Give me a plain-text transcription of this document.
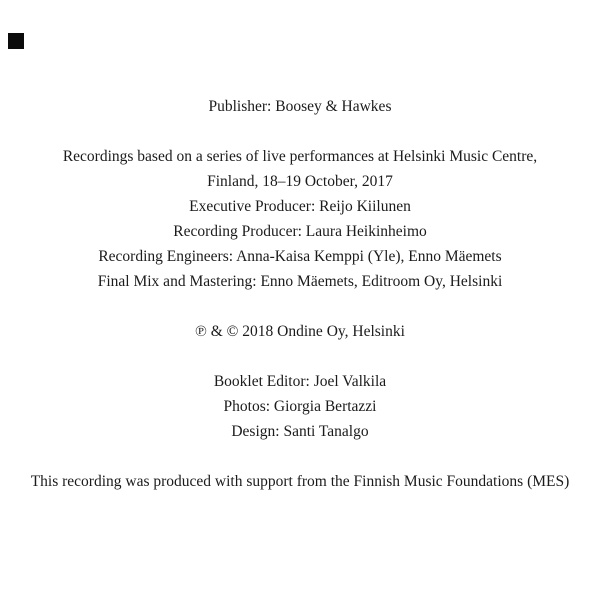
Publisher: Boosey & Hawkes

Recordings based on a series of live performances at Helsinki Music Centre,

Finland, 18–19 October, 2017

Executive Producer: Reijo Kiilunen

Recording Producer: Laura Heikinheimo

Recording Engineers: Anna-Kaisa Kemppi (Yle), Enno Mäemets

Final Mix and Mastering: Enno Mäemets, Editroom Oy, Helsinki

℗ & © 2018 Ondine Oy, Helsinki

Booklet Editor: Joel Valkila

Photos: Giorgia Bertazzi

Design: Santi Tanalgo

This recording was produced with support from the Finnish Music Foundations (MES)
